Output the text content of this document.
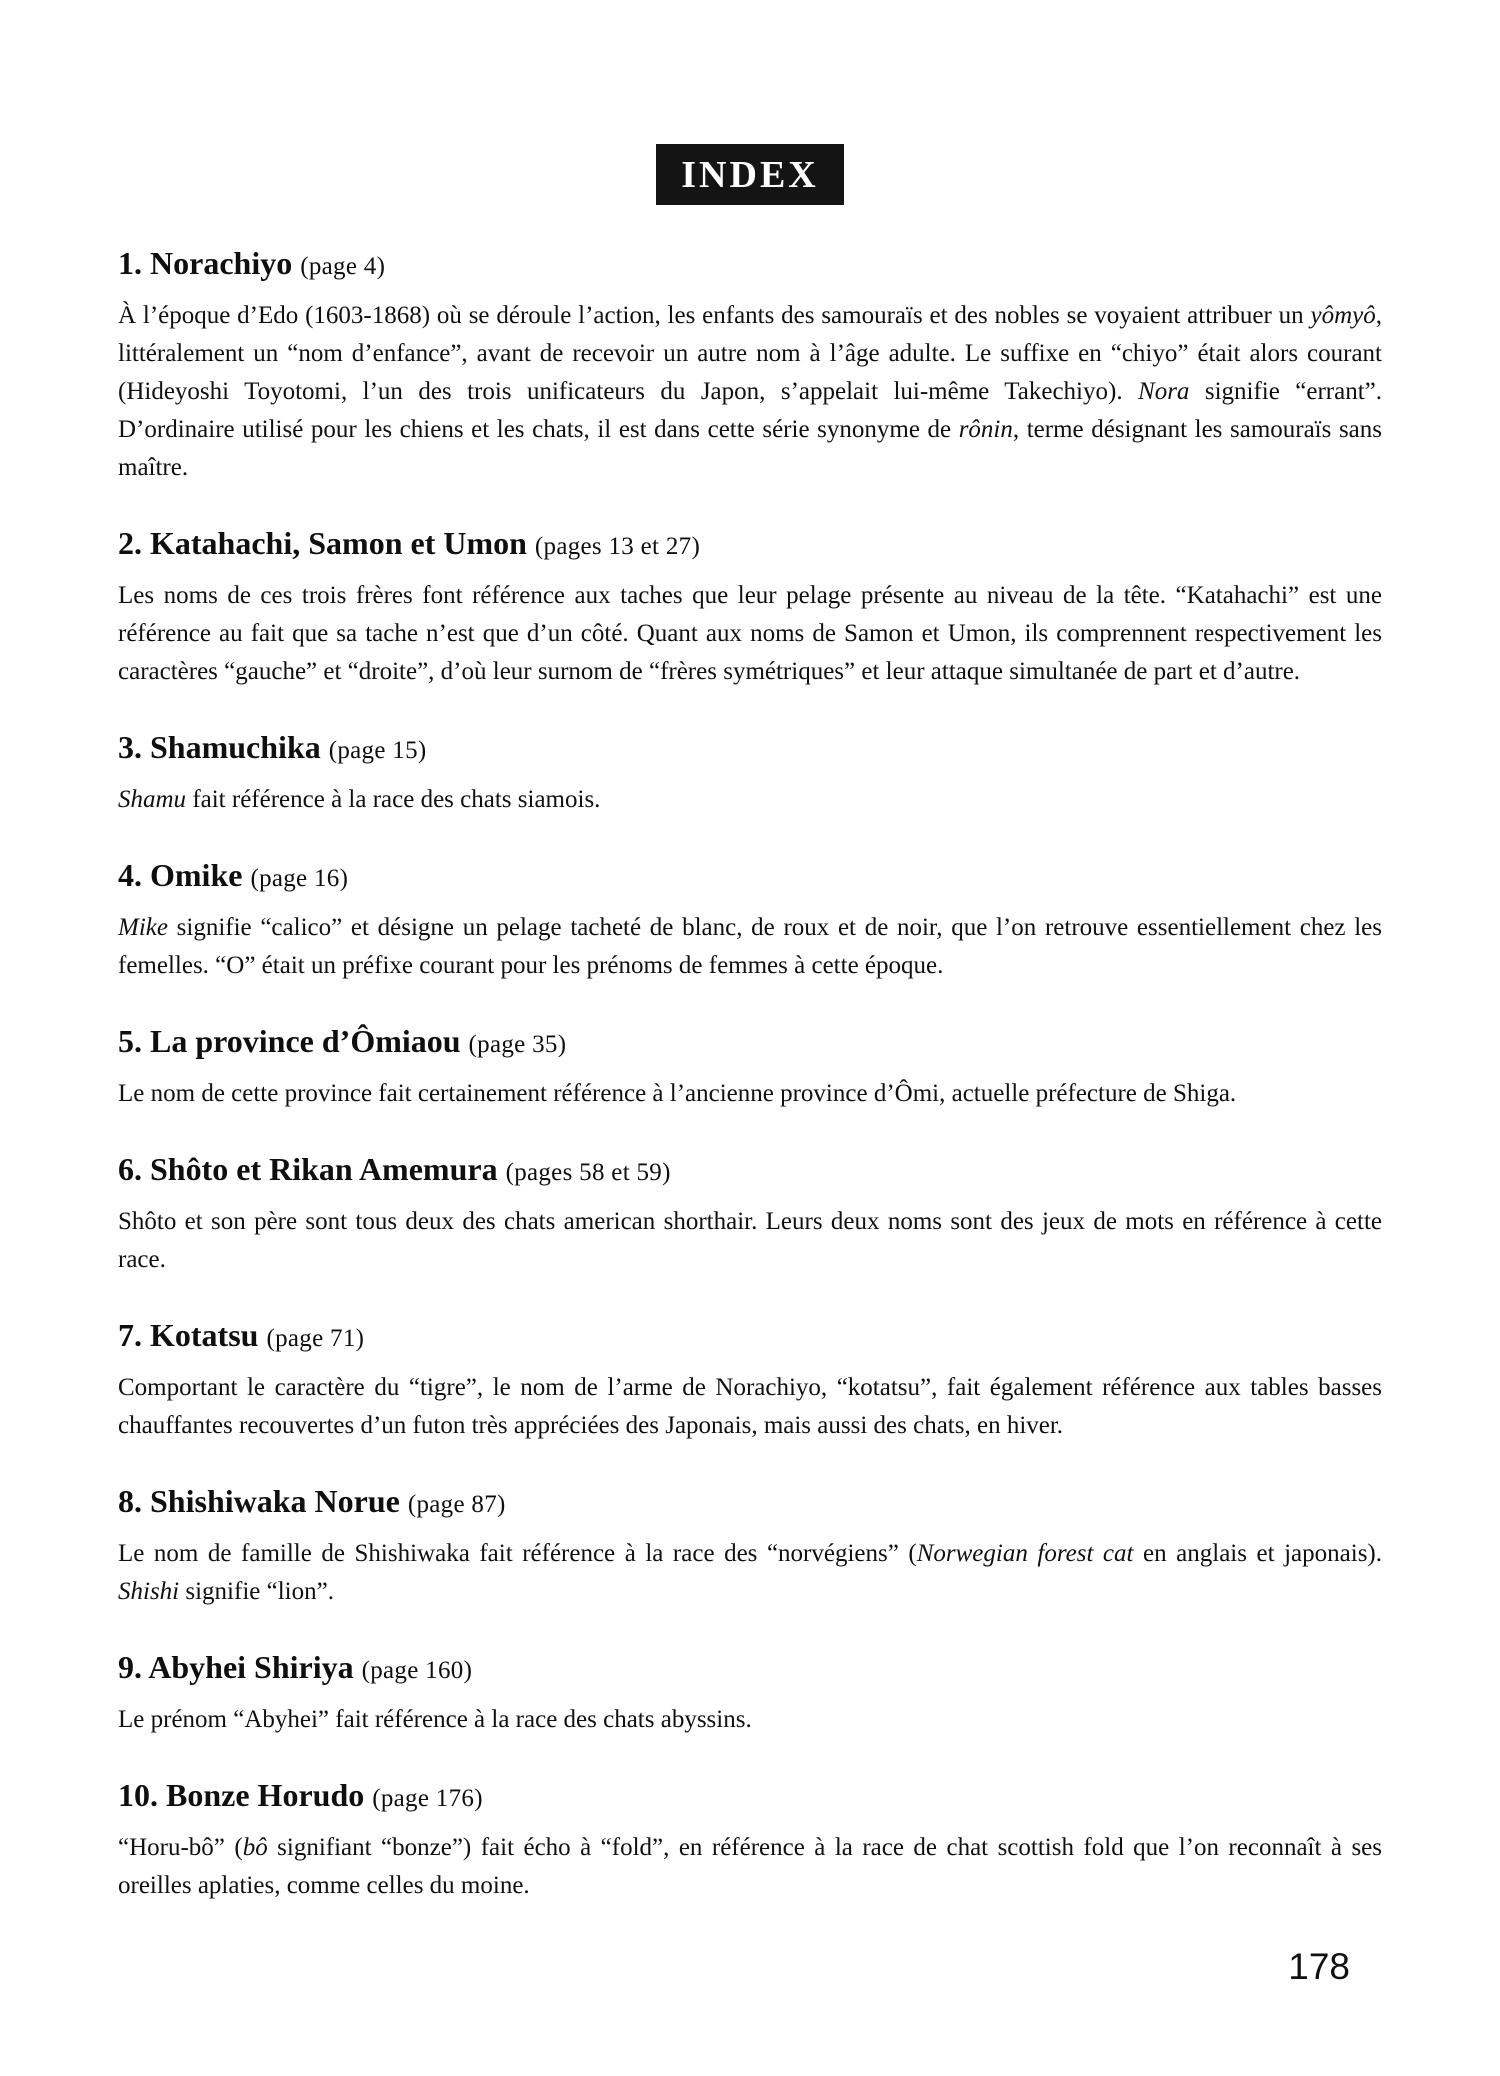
INDEX
1. Norachiyo (page 4)

À l’époque d’Edo (1603-1868) où se déroule l’action, les enfants des samouraïs et des nobles se voyaient attribuer un yômyô, littéralement un “nom d’enfance”, avant de recevoir un autre nom à l’âge adulte. Le suffixe en “chiyo” était alors courant (Hideyoshi Toyotomi, l’un des trois unificateurs du Japon, s’appelait lui-même Takechiyo). Nora signifie “errant”. D’ordinaire utilisé pour les chiens et les chats, il est dans cette série synonyme de rônin, terme désignant les samouraïs sans maître.

2. Katahachi, Samon et Umon (pages 13 et 27)

Les noms de ces trois frères font référence aux taches que leur pelage présente au niveau de la tête. “Katahachi” est une référence au fait que sa tache n’est que d’un côté. Quant aux noms de Samon et Umon, ils comprennent respectivement les caractères “gauche” et “droite”, d’où leur surnom de “frères symétriques” et leur attaque simultanée de part et d’autre.

3. Shamuchika (page 15)

Shamu fait référence à la race des chats siamois.

4. Omike (page 16)

Mike signifie “calico” et désigne un pelage tacheté de blanc, de roux et de noir, que l’on retrouve essentiellement chez les femelles. “O” était un préfixe courant pour les prénoms de femmes à cette époque.

5. La province d’Ômiaou (page 35)

Le nom de cette province fait certainement référence à l’ancienne province d’Ômi, actuelle préfecture de Shiga.

6. Shôto et Rikan Amemura (pages 58 et 59)

Shôto et son père sont tous deux des chats american shorthair. Leurs deux noms sont des jeux de mots en référence à cette race.

7. Kotatsu (page 71)

Comportant le caractère du “tigre”, le nom de l’arme de Norachiyo, “kotatsu”, fait également référence aux tables basses chauffantes recouvertes d’un futon très appréciées des Japonais, mais aussi des chats, en hiver.

8. Shishiwaka Norue (page 87)

Le nom de famille de Shishiwaka fait référence à la race des “norvégiens” (Norwegian forest cat en anglais et japonais). Shishi signifie “lion”.

9. Abyhei Shiriya (page 160)

Le prénom “Abyhei” fait référence à la race des chats abyssins.

10. Bonze Horudo (page 176)

“Horu-bô” (bô signifiant “bonze”) fait écho à “fold”, en référence à la race de chat scottish fold que l’on reconnaît à ses oreilles aplaties, comme celles du moine.

178
